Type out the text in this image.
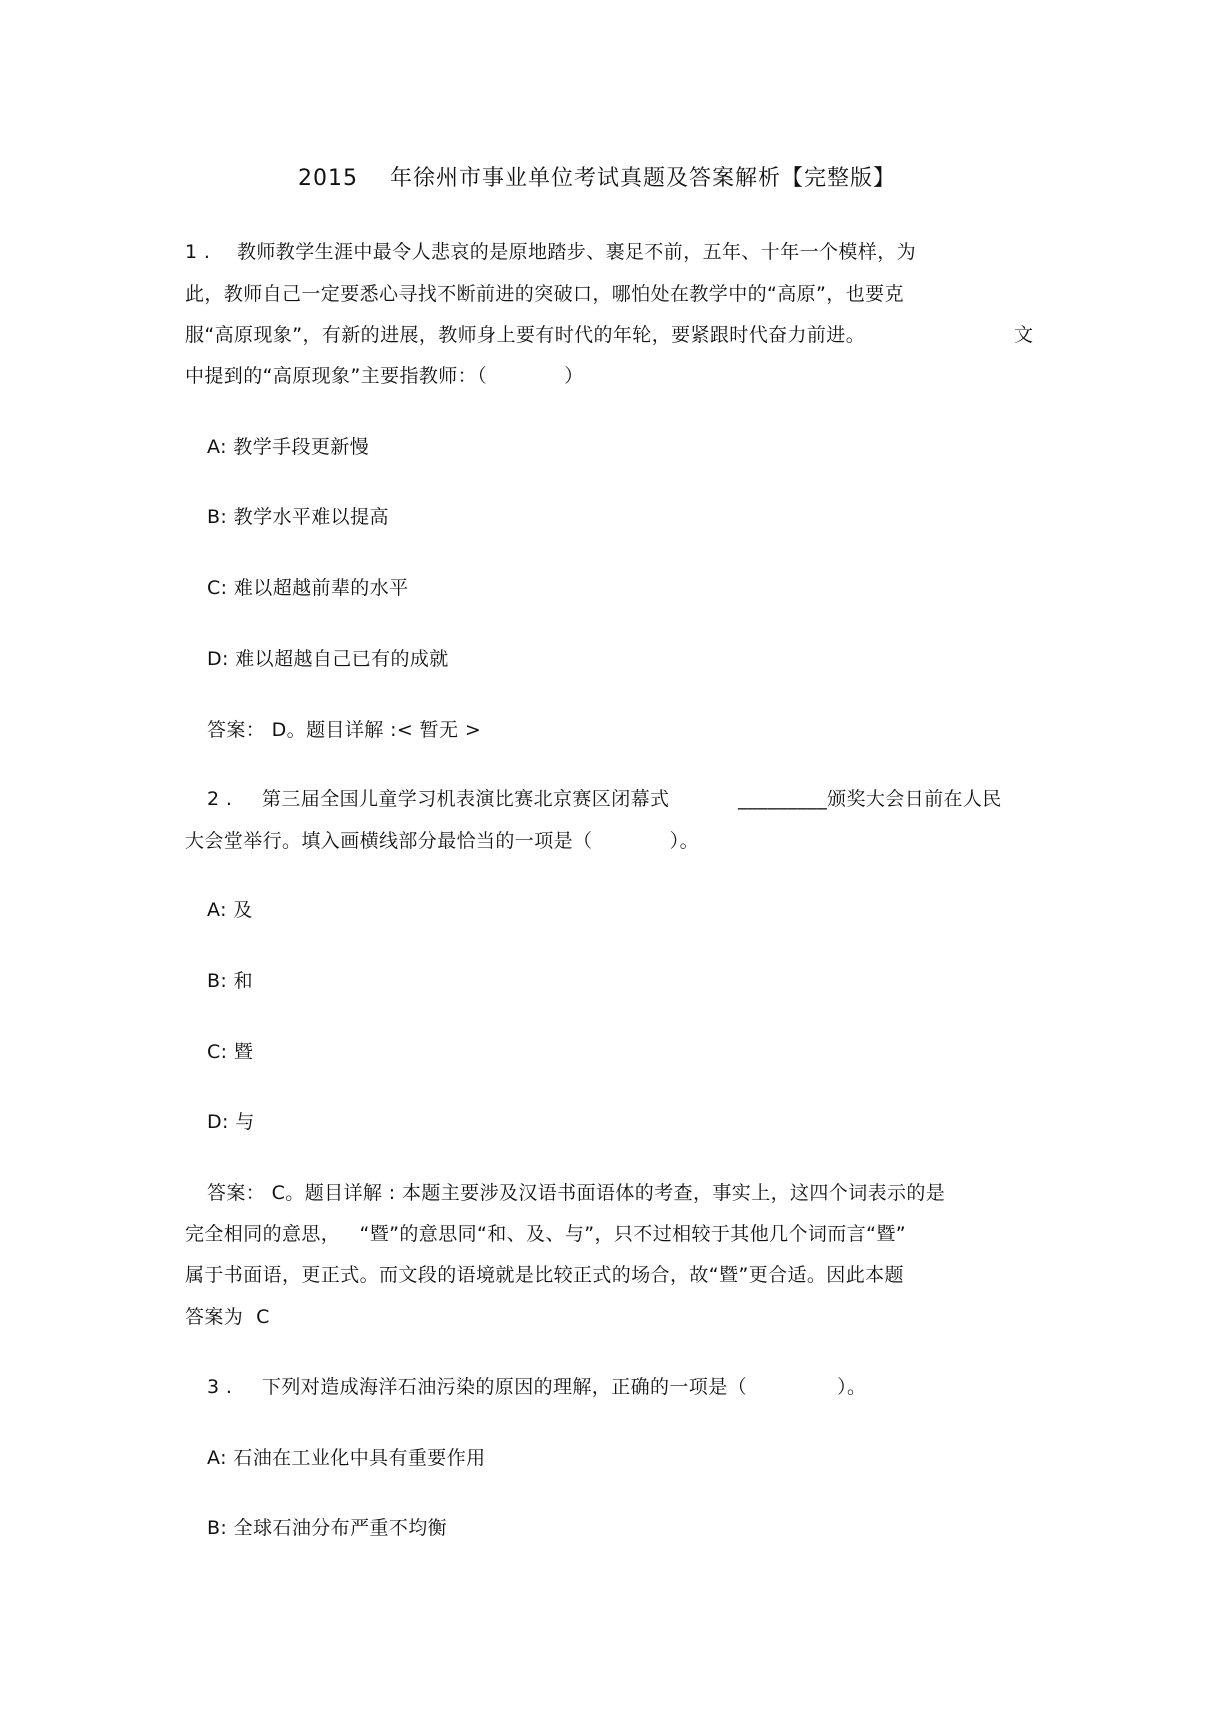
2015 年徐州市事业单位考试真题及答案解析【完整版】
1 . 教师教学生涯中最令人悲哀的是原地踏步、裹足不前，五年、十年一个模样，为
此，教师自己一定要悉心寻找不断前进的突破口，哪怕处在教学中的“高原”，也要克
服“高原现象”，有新的进展，教师身上要有时代的年轮，要紧跟时代奋力前进。	文
中提到的“高原现象”主要指教师：（            ）
A: 教学手段更新慢
B: 教学水平难以提高
C: 难以超越前辈的水平
D: 难以超越自己已有的成就
答案： D。题目详解 :< 暂无 >
2 . 第三届全国儿童学习机表演比赛北京赛区闭幕式	_________颁奖大会日前在人民
大会堂举行。填入画横线部分最恰当的一项是（            ）。
A: 及
B: 和
C: 暨
D: 与
答案： C。题目详解 : 本题主要涉及汉语书面语体的考查，事实上，这四个词表示的是
完全相同的意思，   “暨”的意思同“和、及、与”，只不过相较于其他几个词而言“暨”
属于书面语，更正式。而文段的语境就是比较正式的场合，故“暨”更合适。因此本题
答案为  C
3 . 下列对造成海洋石油污染的原因的理解，正确的一项是（              ）。
A: 石油在工业化中具有重要作用
B: 全球石油分布严重不均衡
